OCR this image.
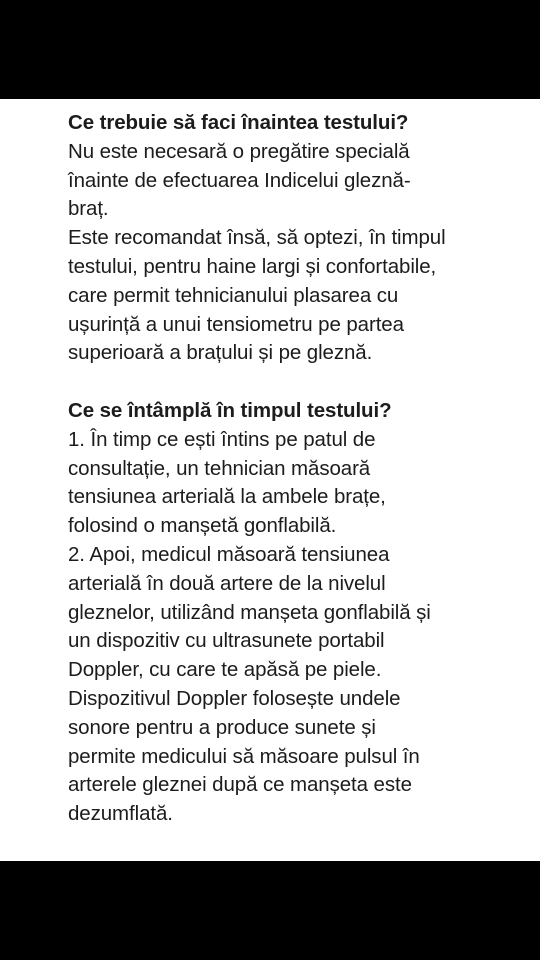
Ce trebuie să faci înaintea testului?
Nu este necesară o pregătire specială
înainte de efectuarea Indicelui gleznă-
braț.
Este recomandat însă, să optezi, în timpul
testului, pentru haine largi și confortabile,
care permit tehnicianului plasarea cu
ușurință a unui tensiometru pe partea
superioară a brațului și pe gleznă.
Ce se întâmplă în timpul testului?
1. În timp ce ești întins pe patul de
consultație, un tehnician măsoară
tensiunea arterială la ambele brațe,
folosind o manșetă gonflabilă.
2. Apoi, medicul măsoară tensiunea
arterială în două artere de la nivelul
gleznelor, utilizând manșeta gonflabilă și
un dispozitiv cu ultrasunete portabil
Doppler, cu care te apăsă pe piele.
Dispozitivul Doppler folosește undele
sonore pentru a produce sunete și
permite medicului să măsoare pulsul în
arterele gleznei după ce manșeta este
dezumflată.
